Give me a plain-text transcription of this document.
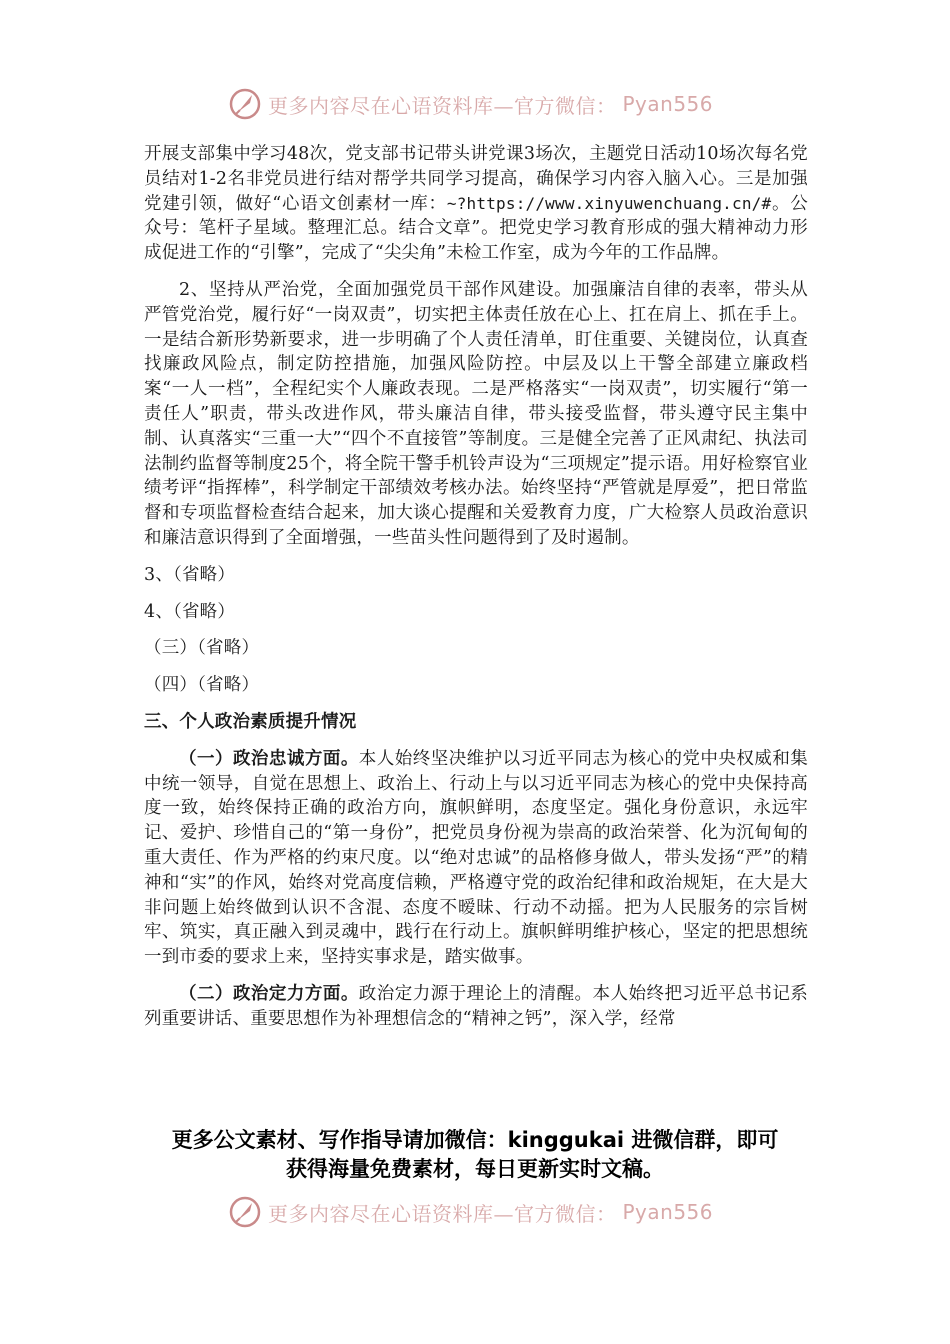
更多内容尽在心语资料库—官方微信： Pyan556

开展支部集中学习48次，党支部书记带头讲党课3场次，主题党日活动10场次每名党员结对1-2名非党员进行结对帮学共同学习提高，确保学习内容入脑入心。三是加强党建引领，做好“心语文创素材一库：~?https://www.xinyuwenchuang.cn/#。公众号：笔杆子星域。整理汇总。结合文章”。把党史学习教育形成的强大精神动力形成促进工作的“引擎”，完成了“尖尖角”未检工作室，成为今年的工作品牌。

2、坚持从严治党，全面加强党员干部作风建设。加强廉洁自律的表率，带头从严管党治党，履行好“一岗双责”，切实把主体责任放在心上、扛在肩上、抓在手上。一是结合新形势新要求，进一步明确了个人责任清单，盯住重要、关键岗位，认真查找廉政风险点，制定防控措施，加强风险防控。中层及以上干警全部建立廉政档案“一人一档”，全程纪实个人廉政表现。二是严格落实“一岗双责”，切实履行“第一责任人”职责，带头改进作风，带头廉洁自律，带头接受监督，带头遵守民主集中制、认真落实“三重一大”“四个不直接管”等制度。三是健全完善了正风肃纪、执法司法制约监督等制度25个，将全院干警手机铃声设为“三项规定”提示语。用好检察官业绩考评“指挥棒”，科学制定干部绩效考核办法。始终坚持“严管就是厚爱”，把日常监督和专项监督检查结合起来，加大谈心提醒和关爱教育力度，广大检察人员政治意识和廉洁意识得到了全面增强，一些苗头性问题得到了及时遏制。

3、（省略）

4、（省略）

（三）（省略）

（四）（省略）

三、个人政治素质提升情况

（一）政治忠诚方面。本人始终坚决维护以习近平同志为核心的党中央权威和集中统一领导，自觉在思想上、政治上、行动上与以习近平同志为核心的党中央保持高度一致，始终保持正确的政治方向，旗帜鲜明，态度坚定。强化身份意识，永远牢记、爱护、珍惜自己的“第一身份”，把党员身份视为崇高的政治荣誉、化为沉甸甸的重大责任、作为严格的约束尺度。以“绝对忠诚”的品格修身做人，带头发扬“严”的精神和“实”的作风，始终对党高度信赖，严格遵守党的政治纪律和政治规矩，在大是大非问题上始终做到认识不含混、态度不暧昧、行动不动摇。把为人民服务的宗旨树牢、筑实，真正融入到灵魂中，践行在行动上。旗帜鲜明维护核心，坚定的把思想统一到市委的要求上来，坚持实事求是，踏实做事。

（二）政治定力方面。政治定力源于理论上的清醒。本人始终把习近平总书记系列重要讲话、重要思想作为补理想信念的“精神之钙”，深入学，经常

更多公文素材、写作指导请加微信：kinggukai 进微信群，即可
获得海量免费素材，每日更新实时文稿。
更多内容尽在心语资料库—官方微信： Pyan556
